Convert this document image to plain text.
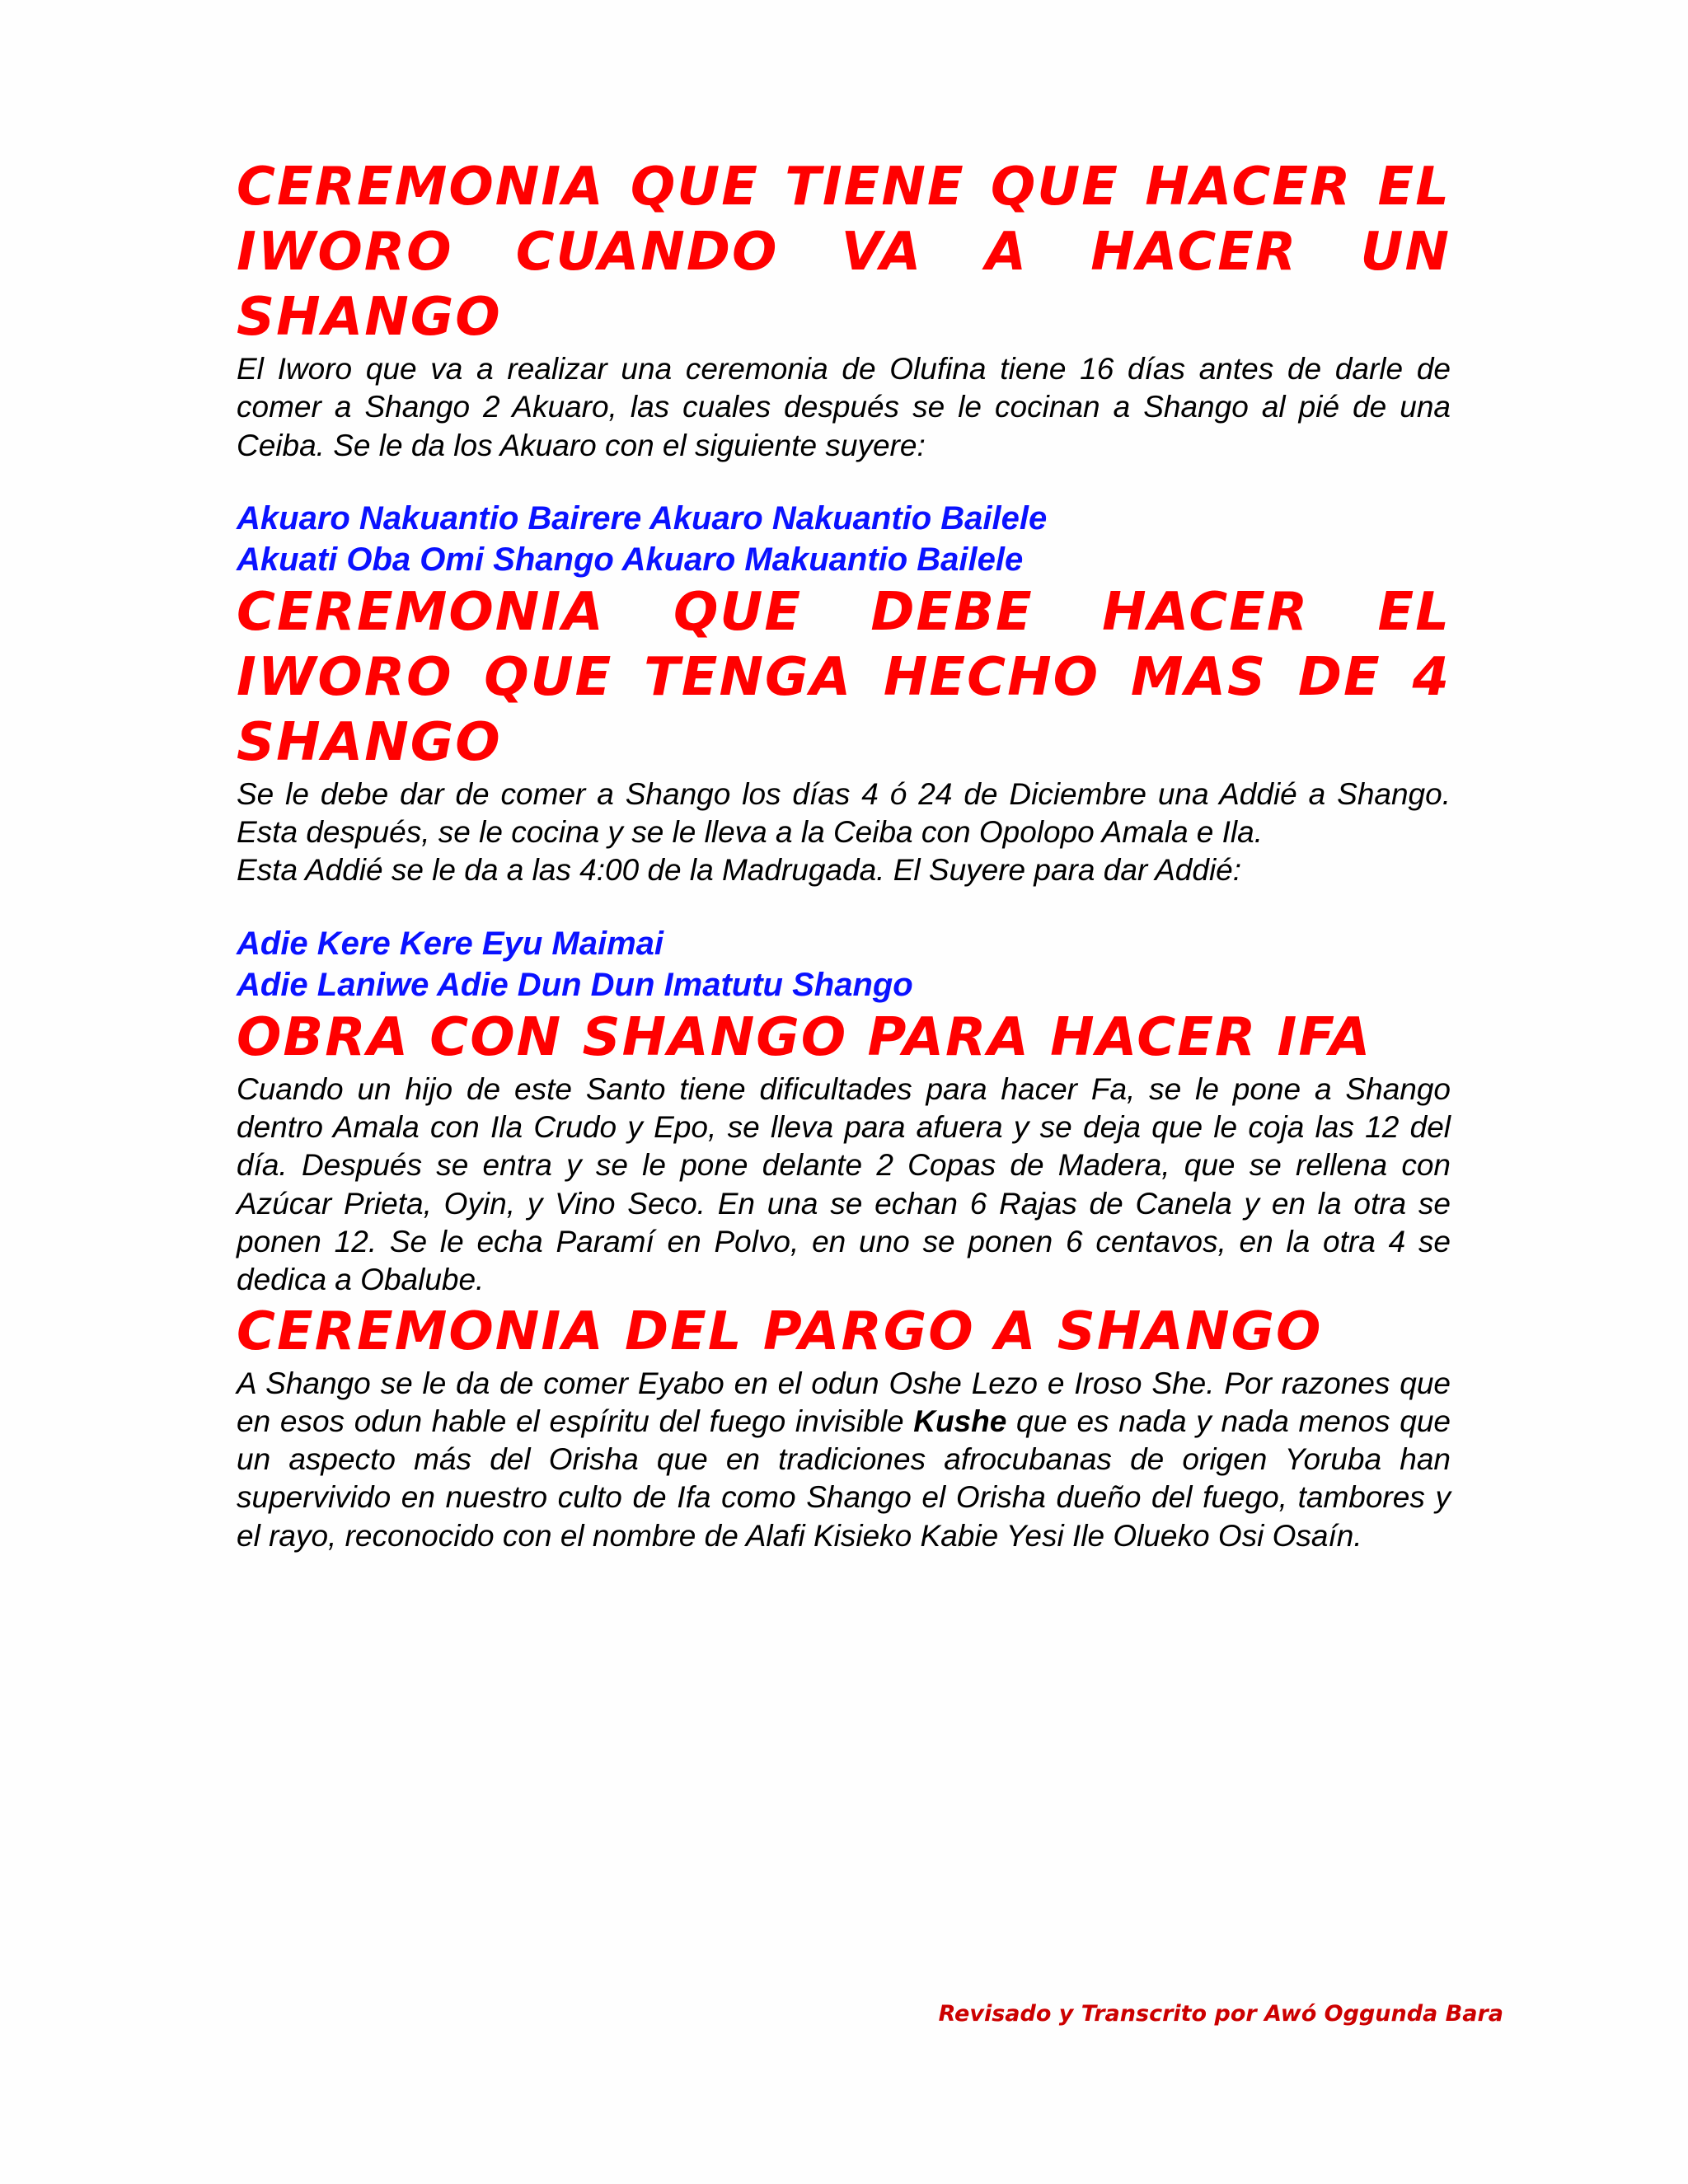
CEREMONIA QUE TIENE QUE HACER EL IWORO CUANDO VA A HACER UN SHANGO

El Iworo que va a realizar una ceremonia de Olufina tiene 16 días antes de darle de comer a Shango 2 Akuaro, las cuales después se le cocinan a Shango al pié de una Ceiba. Se le da los Akuaro con el siguiente suyere:

Akuaro Nakuantio Bairere Akuaro Nakuantio Bailele

Akuati Oba Omi Shango Akuaro Makuantio Bailele

CEREMONIA QUE DEBE HACER EL IWORO QUE TENGA HECHO MAS DE 4 SHANGO

Se le debe dar de comer a Shango los días 4 ó 24 de Diciembre una Addié a Shango. Esta después, se le cocina y se le lleva a la Ceiba con Opolopo Amala e Ila.

Esta Addié se le da a las 4:00 de la Madrugada. El Suyere para dar Addié:

Adie Kere Kere Eyu Maimai

Adie Laniwe Adie Dun Dun Imatutu Shango

OBRA CON SHANGO PARA HACER IFA

Cuando un hijo de este Santo tiene dificultades para hacer Fa, se le pone a Shango dentro Amala con Ila Crudo y Epo, se lleva para afuera y se deja que le coja las 12 del día. Después se entra y se le pone delante 2 Copas de Madera, que se rellena con Azúcar Prieta, Oyin, y Vino Seco. En una se echan 6 Rajas de Canela y en la otra se ponen 12. Se le echa Paramí en Polvo, en uno se ponen 6 centavos, en la otra 4 se dedica a Obalube.

CEREMONIA DEL PARGO A SHANGO

A Shango se le da de comer Eyabo en el odun Oshe Lezo e Iroso She. Por razones que en esos odun hable el espíritu del fuego invisible Kushe que es nada y nada menos que un aspecto más del Orisha que en tradiciones afrocubanas de origen Yoruba han supervivido en nuestro culto de Ifa como Shango el Orisha dueño del fuego, tambores y el rayo, reconocido con el nombre de Alafi Kisieko Kabie Yesi Ile Olueko Osi Osaín.

Revisado y Transcrito por Awó Oggunda Bara
